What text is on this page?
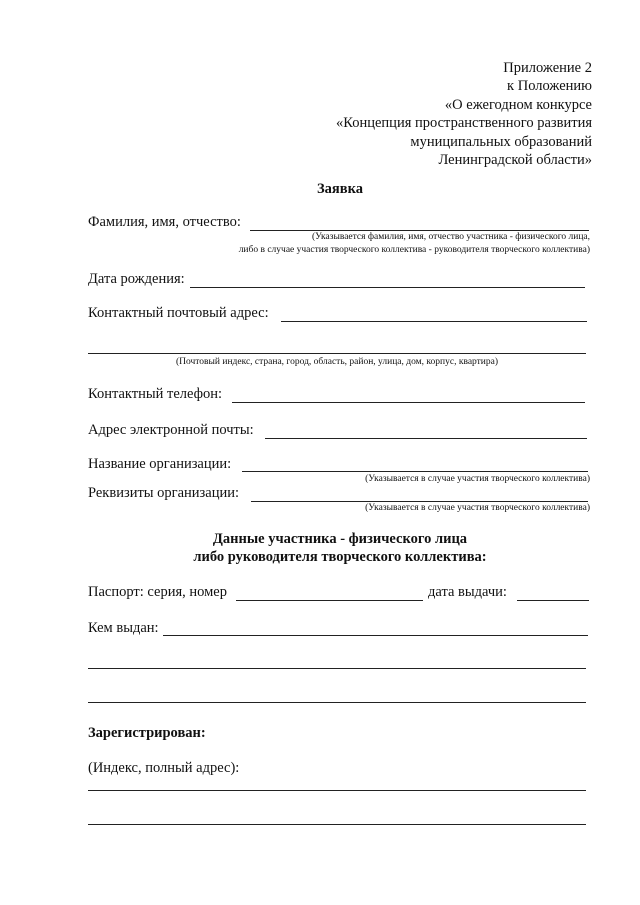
Приложение 2
к Положению
«О ежегодном конкурсе
«Концепция пространственного развития
муниципальных образований
Ленинградской области»
Заявка
Фамилия, имя, отчество:
(Указывается фамилия, имя, отчество участника - физического лица,
либо в случае участия творческого коллектива - руководителя творческого коллектива)
Дата рождения:
Контактный почтовый адрес:
(Почтовый индекс, страна, город, область, район, улица, дом, корпус, квартира)
Контактный телефон:
Адрес электронной почты:
Название организации:
(Указывается в случае участия творческого коллектива)
Реквизиты организации:
(Указывается в случае участия творческого коллектива)
Данные участника - физического лица
либо руководителя творческого коллектива:
Паспорт: серия, номер	дата выдачи:
Кем выдан:
Зарегистрирован:
(Индекс, полный адрес):
